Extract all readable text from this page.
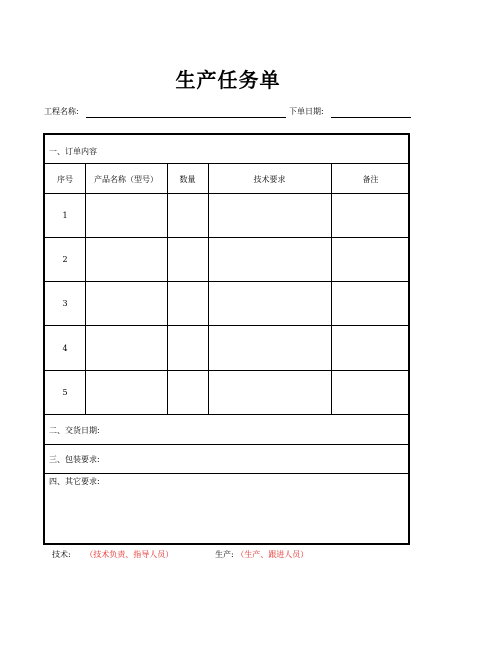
生产任务单
工程名称:	下单日期:
一、订单内容
序号	产品名称（型号）	数量	技术要求	备注
1
2
3
4
5
二、交货日期:
三、包装要求:
四、其它要求:
技术: （技术负责、指导人员）	生产: （生产、跟进人员）
